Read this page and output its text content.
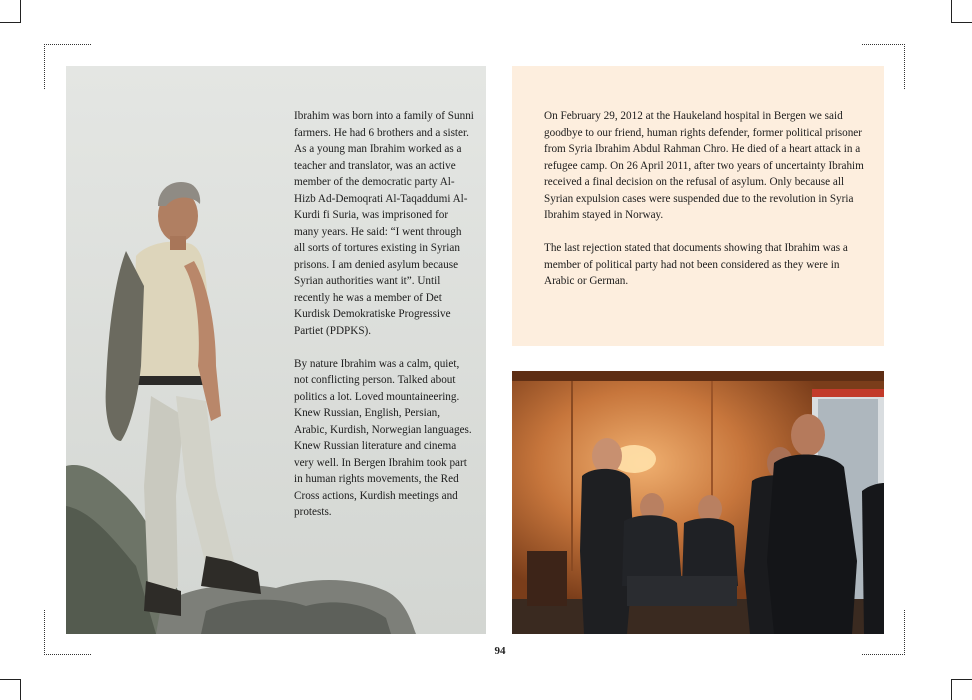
Ibrahim was born into a family of Sunni farmers. He had 6 brothers and a sister. As a young man Ibrahim worked as a teacher and translator, was an active member of the democratic party Al-Hizb Ad-Demoqrati Al-Taqaddumi Al-Kurdi fi Suria, was imprisoned for many years. He said: “I went through all sorts of tortures existing in Syrian prisons. I am denied asylum because Syrian authorities want it”. Until recently he was a member of Det Kurdisk Demokratiske Progressive Partiet (PDPKS).

By nature Ibrahim was a calm, quiet, not conflicting person. Talked about politics a lot. Loved mountaineering. Knew Russian, English, Persian, Arabic, Kurdish, Norwegian languages. Knew Russian literature and cinema very well. In Bergen Ibrahim took part in human rights movements, the Red Cross actions, Kurdish meetings and protests.

On February 29, 2012 at the Haukeland hospital in Bergen we said goodbye to our friend, human rights defender, former political prisoner from Syria Ibrahim Abdul Rahman Chro. He died of a heart attack in a refugee camp. On 26 April 2011, after two years of uncertainty Ibrahim received a final decision on the refusal of asylum. Only because all Syrian expulsion cases were suspended due to the revolution in Syria Ibrahim stayed in Norway.

The last rejection stated that documents showing that Ibrahim was a member of political party had not been considered as they were in Arabic or German.

94
